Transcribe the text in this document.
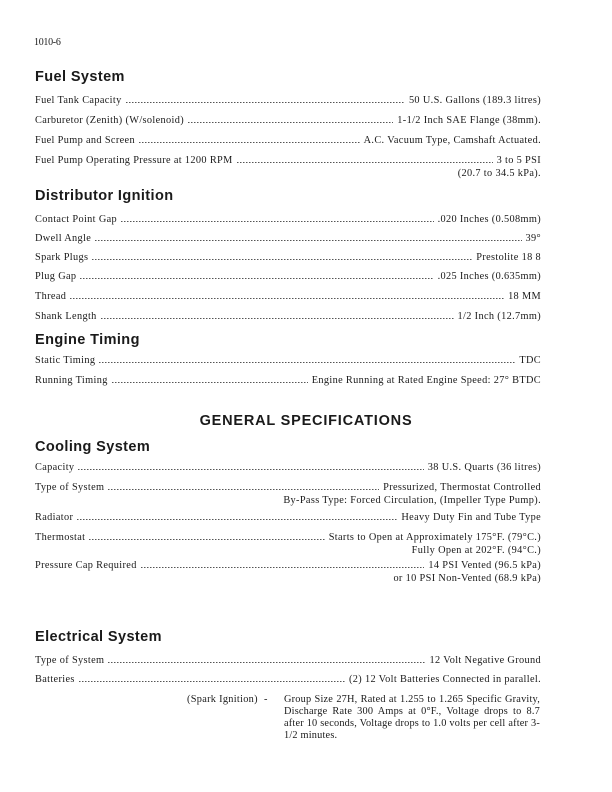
1010-6
GENERAL SPECIFICATIONS
Fuel System
Fuel Tank Capacity	50 U.S. Gallons (189.3 litres)
Carburetor (Zenith) (W/solenoid)	1-1/2 Inch SAE Flange (38mm).
Fuel Pump and Screen	A.C. Vacuum Type, Camshaft Actuated.
Fuel Pump Operating Pressure at 1200 RPM	3 to 5 PSI
(20.7 to 34.5 kPa).
Distributor Ignition
Contact Point Gap	.020 Inches (0.508mm)
Dwell Angle	39°
Spark Plugs	Prestolite 18 8
Plug Gap	.025 Inches (0.635mm)
Thread	18 MM
Shank Length	1/2 Inch (12.7mm)
Engine Timing
Static Timing	TDC
Running Timing	Engine Running at Rated Engine Speed: 27° BTDC
Cooling System
Capacity	38 U.S. Quarts (36 litres)
Type of System	Pressurized, Thermostat Controlled
By-Pass Type: Forced Circulation, (Impeller Type Pump).
Radiator	Heavy Duty Fin and Tube Type
Thermostat	Starts to Open at Approximately 175°F. (79°C.)
Fully Open at 202°F. (94°C.)
Pressure Cap Required	14 PSI Vented (96.5 kPa)
or 10 PSI Non-Vented (68.9 kPa)
Electrical System
Type of System	12 Volt Negative Ground
Batteries	(2) 12 Volt Batteries Connected in parallel.
(Spark Ignition) - Group Size 27H, Rated at 1.255 to 1.265 Specific Gravity, Discharge Rate 300 Amps at 0°F., Voltage drops to 8.7 after 10 seconds, Voltage drops to 1.0 volts per cell after 3-1/2 minutes.
